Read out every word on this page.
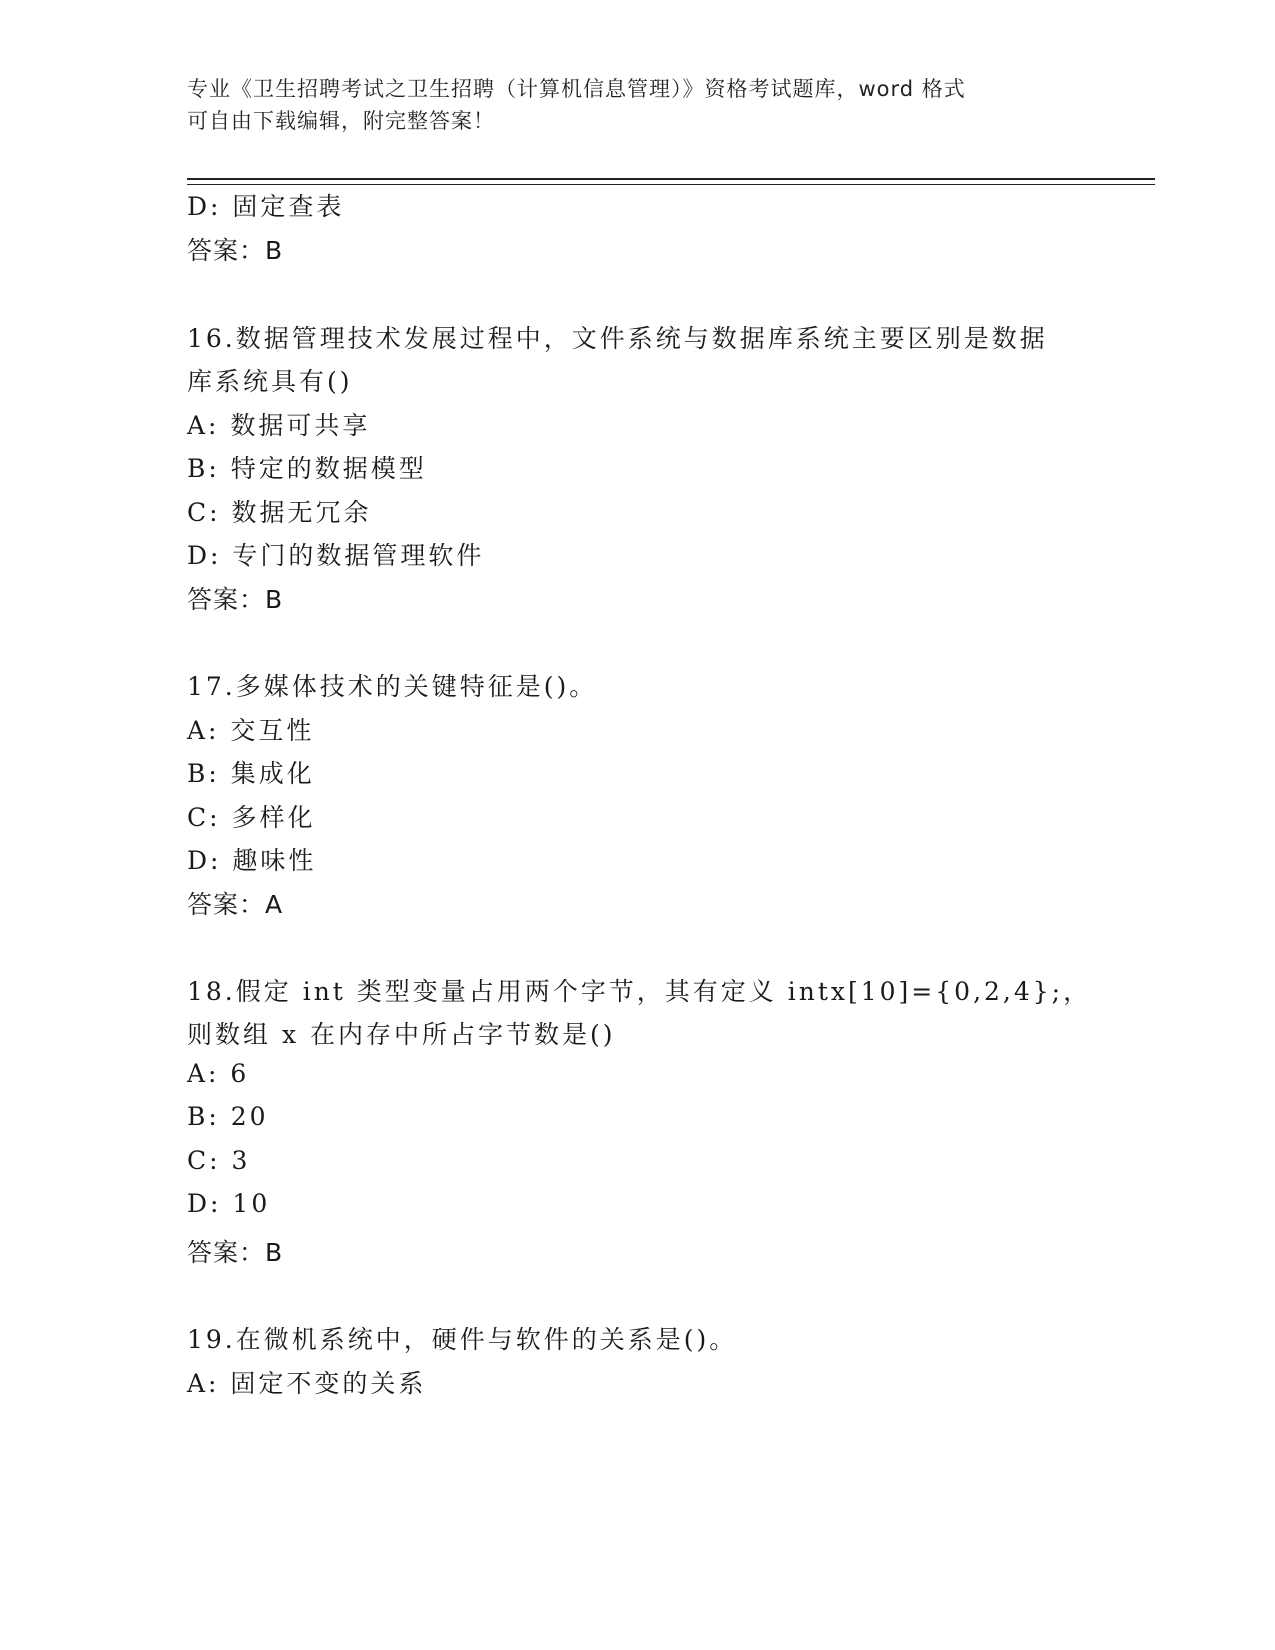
专业《卫生招聘考试之卫生招聘（计算机信息管理）》资格考试题库，word 格式
可自由下载编辑，附完整答案！
D: 固定查表
答案：B
16.数据管理技术发展过程中，文件系统与数据库系统主要区别是数据
库系统具有()
A: 数据可共享
B: 特定的数据模型
C: 数据无冗余
D: 专门的数据管理软件
答案：B
17.多媒体技术的关键特征是()。
A: 交互性
B: 集成化
C: 多样化
D: 趣味性
答案：A
18.假定 int 类型变量占用两个字节，其有定义 intx[10]={0,2,4};，
则数组 x 在内存中所占字节数是()
A: 6
B: 20
C: 3
D: 10
答案：B
19.在微机系统中，硬件与软件的关系是()。
A: 固定不变的关系
